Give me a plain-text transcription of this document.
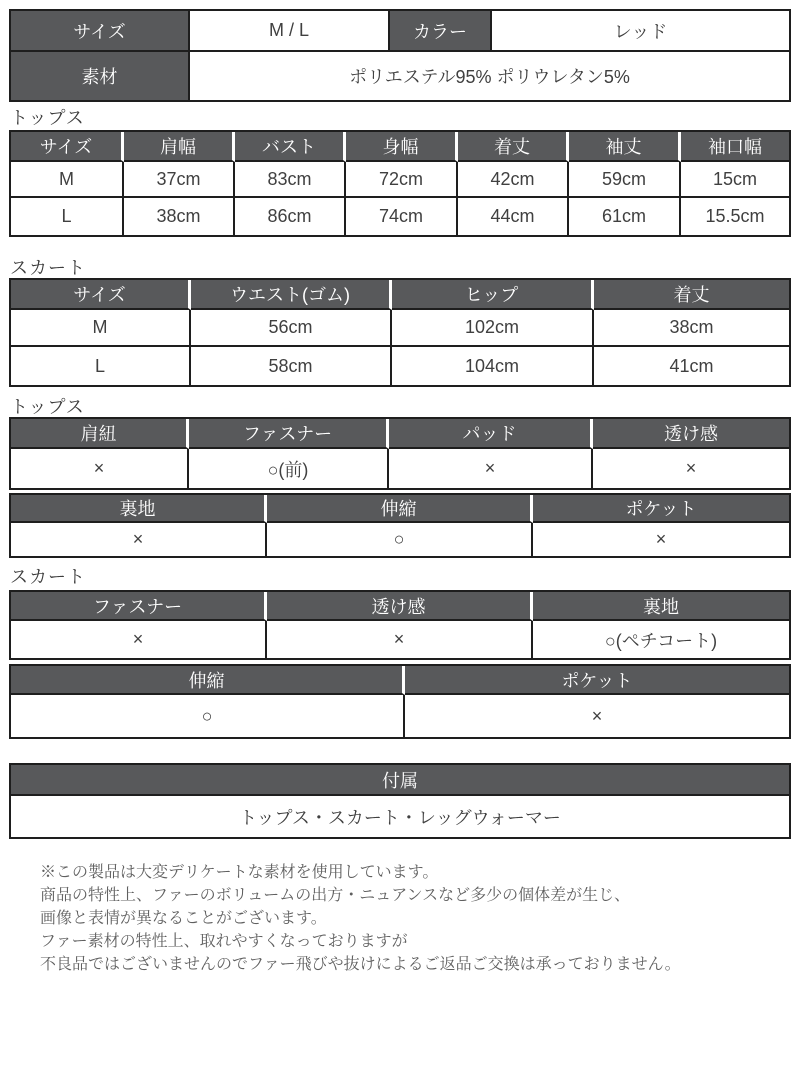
サイズ	M / L	カラー	レッド
素材	ポリエステル95% ポリウレタン5%
トップス
サイズ	肩幅	バスト	身幅	着丈	袖丈	袖口幅
M	37cm	83cm	72cm	42cm	59cm	15cm
L	38cm	86cm	74cm	44cm	61cm	15.5cm
スカート
サイズ	ウエスト(ゴム)	ヒップ	着丈
M	56cm	102cm	38cm
L	58cm	104cm	41cm
トップス
肩紐	ファスナー	パッド	透け感
×	○(前)	×	×
裏地	伸縮	ポケット
×	○	×
スカート
ファスナー	透け感	裏地
×	×	○(ペチコート)
伸縮	ポケット
○	×
付属
トップス・スカート・レッグウォーマー
※この製品は大変デリケートな素材を使用しています。
商品の特性上、ファーのボリュームの出方・ニュアンスなど多少の個体差が生じ、
画像と表情が異なることがございます。
ファー素材の特性上、取れやすくなっておりますが
不良品ではございませんのでファー飛びや抜けによるご返品ご交換は承っておりません。
